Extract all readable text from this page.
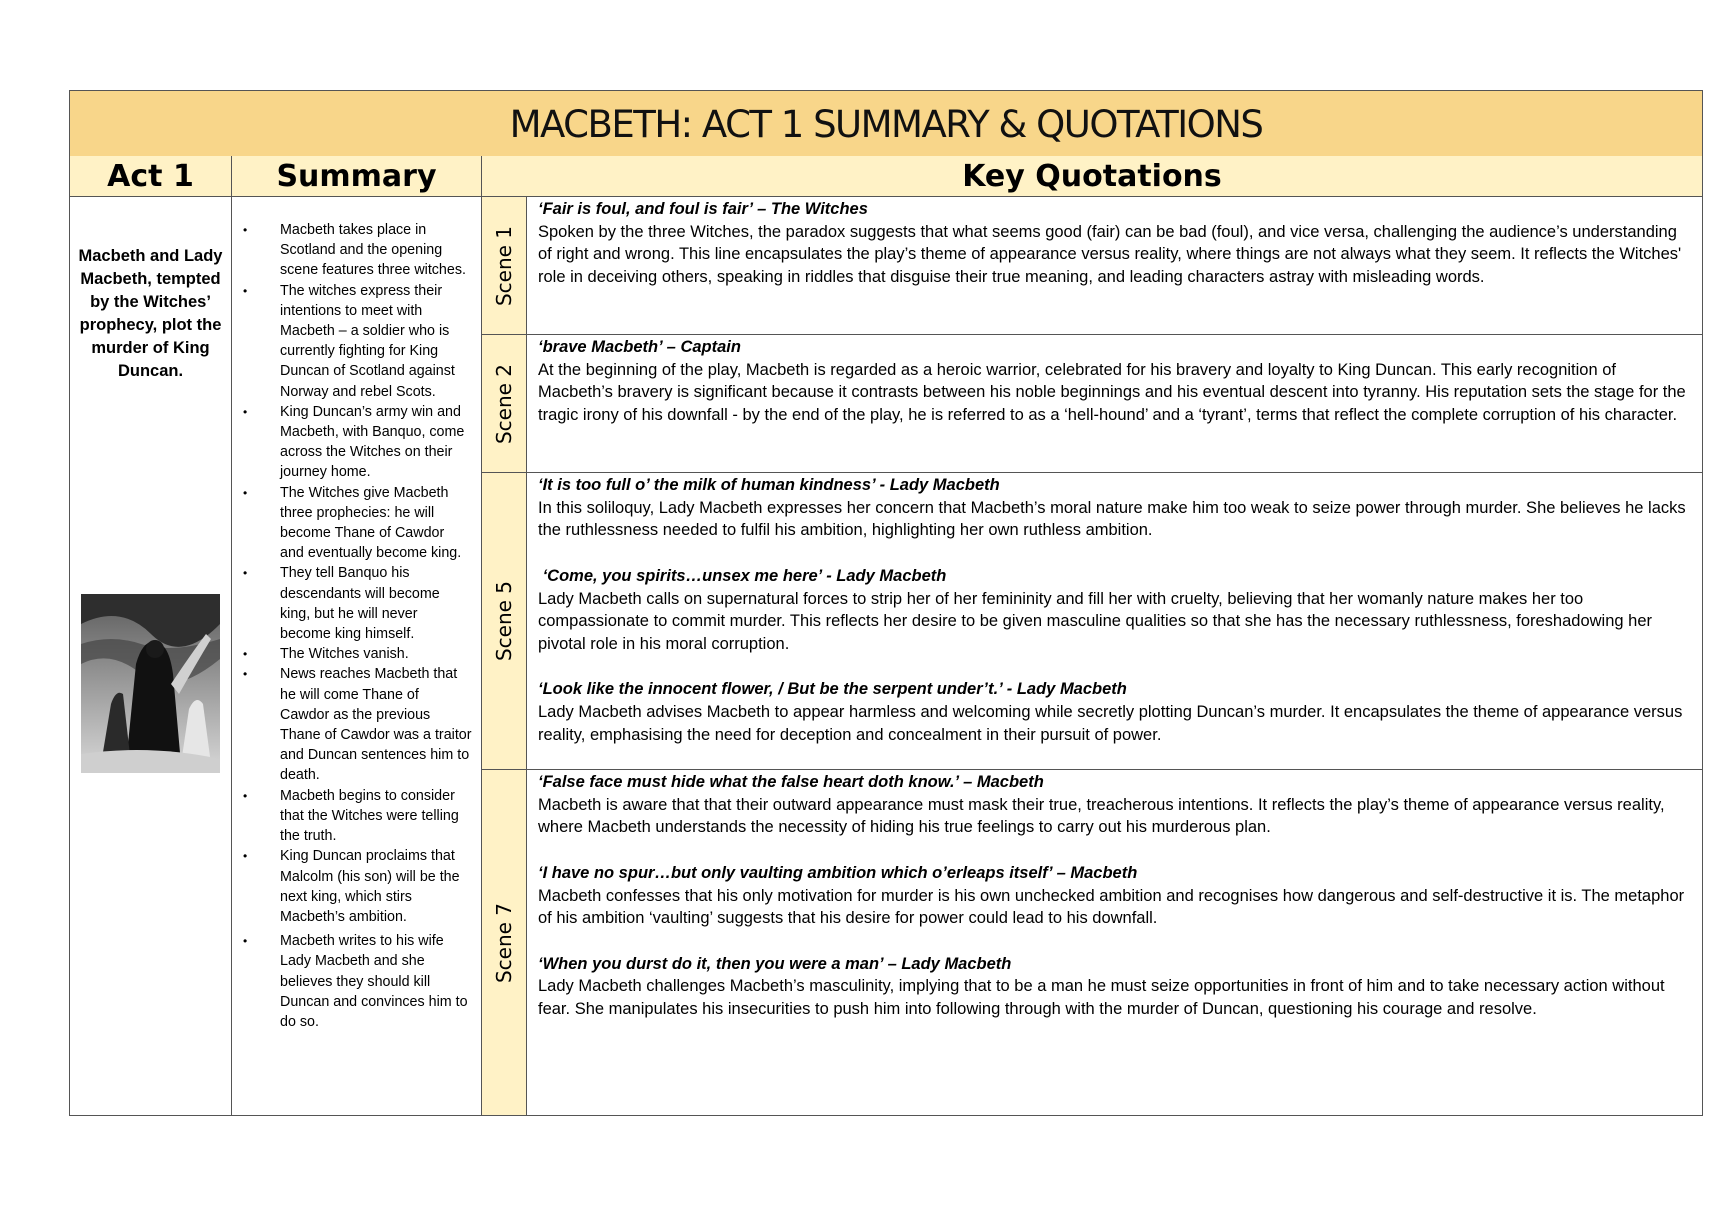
MACBETH: ACT 1 SUMMARY & QUOTATIONS
Act 1	Summary	Key Quotations
Macbeth and Lady Macbeth, tempted by the Witches’ prophecy, plot the murder of King Duncan.
• Macbeth takes place in Scotland and the opening scene features three witches.
• The witches express their intentions to meet with Macbeth – a soldier who is currently fighting for King Duncan of Scotland against Norway and rebel Scots.
• King Duncan’s army win and Macbeth, with Banquo, come across the Witches on their journey home.
• The Witches give Macbeth three prophecies: he will become Thane of Cawdor and eventually become king.
• They tell Banquo his descendants will become king, but he will never become king himself.
• The Witches vanish.
• News reaches Macbeth that he will come Thane of Cawdor as the previous Thane of Cawdor was a traitor and Duncan sentences him to death.
• Macbeth begins to consider that the Witches were telling the truth.
• King Duncan proclaims that Malcolm (his son) will be the next king, which stirs Macbeth’s ambition.
• Macbeth writes to his wife Lady Macbeth and she believes they should kill Duncan and convinces him to do so.
Scene 1

‘Fair is foul, and foul is fair’ – The Witches

Spoken by the three Witches, the paradox suggests that what seems good (fair) can be bad (foul), and vice versa, challenging the audience’s understanding of right and wrong. This line encapsulates the play’s theme of appearance versus reality, where things are not always what they seem. It reflects the Witches' role in deceiving others, speaking in riddles that disguise their true meaning, and leading characters astray with misleading words.

Scene 2

‘brave Macbeth’ – Captain

At the beginning of the play, Macbeth is regarded as a heroic warrior, celebrated for his bravery and loyalty to King Duncan. This early recognition of Macbeth’s bravery is significant because it contrasts between his noble beginnings and his eventual descent into tyranny. His reputation sets the stage for the tragic irony of his downfall - by the end of the play, he is referred to as a ‘hell-hound’ and a ‘tyrant’, terms that reflect the complete corruption of his character.

Scene 5

‘It is too full o’ the milk of human kindness’ - Lady Macbeth

In this soliloquy, Lady Macbeth expresses her concern that Macbeth’s moral nature make him too weak to seize power through murder. She believes he lacks the ruthlessness needed to fulfil his ambition, highlighting her own ruthless ambition.

‘Come, you spirits…unsex me here’ - Lady Macbeth

Lady Macbeth calls on supernatural forces to strip her of her femininity and fill her with cruelty, believing that her womanly nature makes her too compassionate to commit murder. This reflects her desire to be given masculine qualities so that she has the necessary ruthlessness, foreshadowing her pivotal role in his moral corruption.

‘Look like the innocent flower, / But be the serpent under’t.’ - Lady Macbeth

Lady Macbeth advises Macbeth to appear harmless and welcoming while secretly plotting Duncan’s murder. It encapsulates the theme of appearance versus reality, emphasising the need for deception and concealment in their pursuit of power.

Scene 7

‘False face must hide what the false heart doth know.’ – Macbeth

Macbeth is aware that that their outward appearance must mask their true, treacherous intentions. It reflects the play’s theme of appearance versus reality, where Macbeth understands the necessity of hiding his true feelings to carry out his murderous plan.

‘I have no spur…but only vaulting ambition which o’erleaps itself’ – Macbeth

Macbeth confesses that his only motivation for murder is his own unchecked ambition and recognises how dangerous and self-destructive it is. The metaphor of his ambition ‘vaulting’ suggests that his desire for power could lead to his downfall.

‘When you durst do it, then you were a man’ – Lady Macbeth

Lady Macbeth challenges Macbeth’s masculinity, implying that to be a man he must seize opportunities in front of him and to take necessary action without fear. She manipulates his insecurities to push him into following through with the murder of Duncan, questioning his courage and resolve.
